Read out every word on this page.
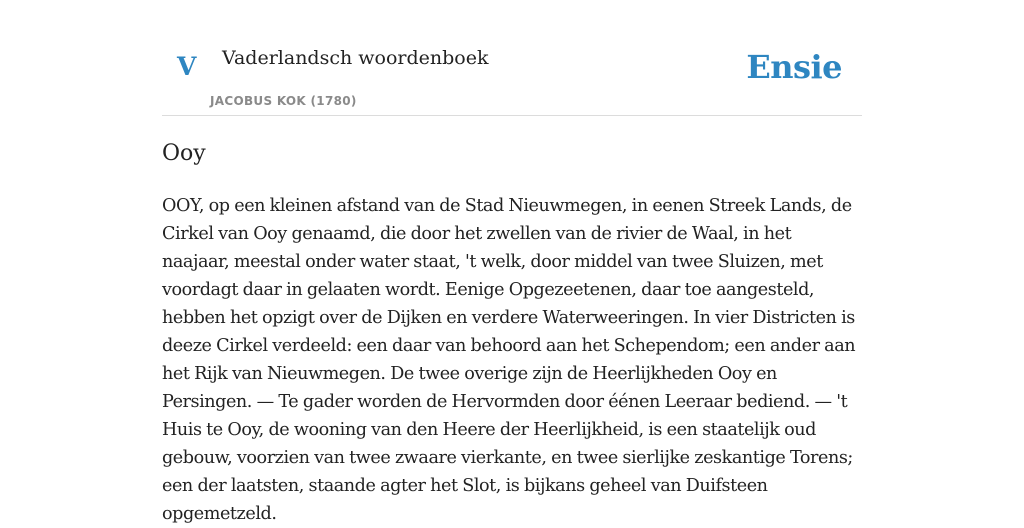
V Vaderlandsch woordenboek
JACOBUS KOK (1780)
Ensie
Ooy

OOY, op een kleinen afstand van de Stad Nieuwmegen, in eenen Streek Lands, de Cirkel van Ooy genaamd, die door het zwellen van de rivier de Waal, in het naajaar, meestal onder water staat, 't welk, door middel van twee Sluizen, met voordagt daar in gelaaten wordt. Eenige Opgezeetenen, daar toe aangesteld, hebben het opzigt over de Dijken en verdere Waterweeringen. In vier Districten is deeze Cirkel verdeeld: een daar van behoord aan het Schependom; een ander aan het Rijk van Nieuwmegen. De twee overige zijn de Heerlijkheden Ooy en Persingen. — Te gader worden de Hervormden door éénen Leeraar bediend. — 't Huis te Ooy, de wooning van den Heere der Heerlijkheid, is een staatelijk oud gebouw, voorzien van twee zwaare vierkante, en twee sierlijke zeskantige Torens; een der laatsten, staande agter het Slot, is bijkans geheel van Duifsteen opgemetzeld.
